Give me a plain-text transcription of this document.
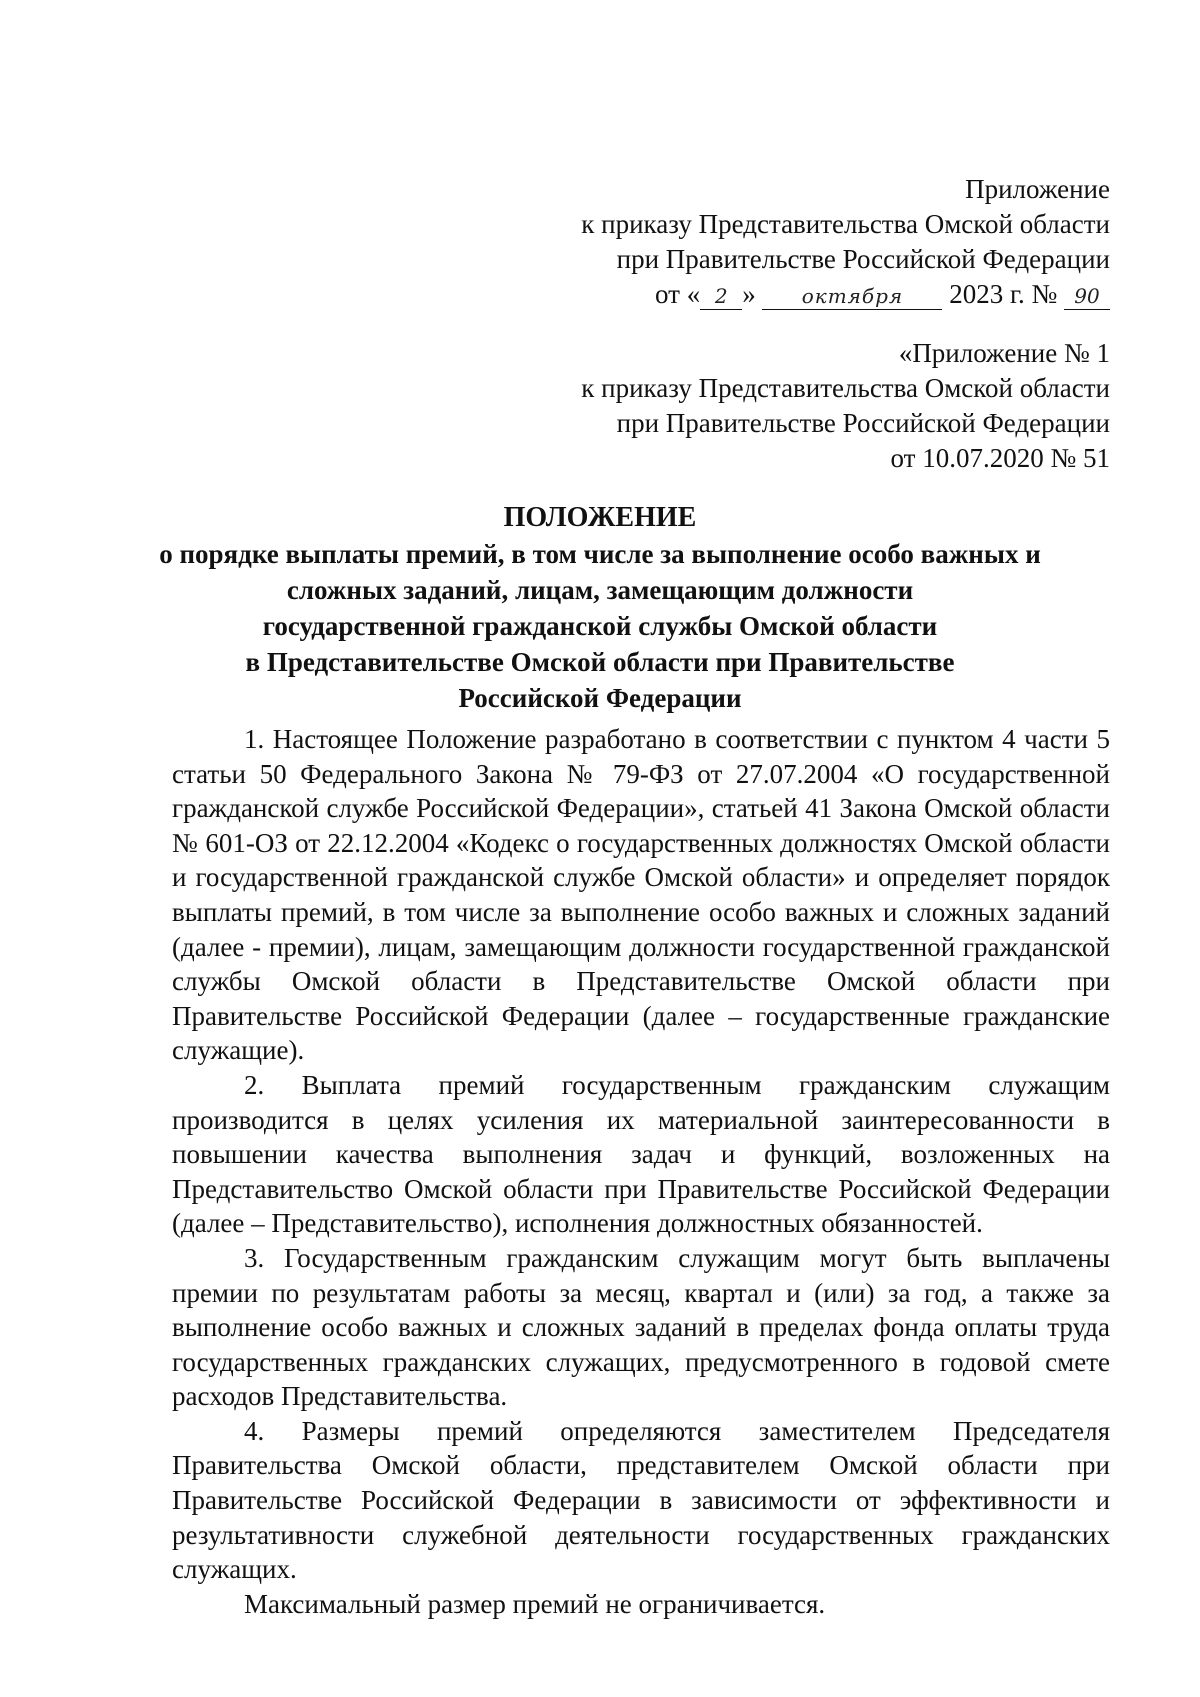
Приложение
к приказу Представительства Омской области
при Правительстве Российской Федерации
от « 2 » октября 2023 г. № 90
«Приложение № 1
к приказу Представительства Омской области
при Правительстве Российской Федерации
от 10.07.2020 № 51
ПОЛОЖЕНИЕ
о порядке выплаты премий, в том числе за выполнение особо важных и
сложных заданий, лицам, замещающим должности
государственной гражданской службы Омской области
в Представительстве Омской области при Правительстве
Российской Федерации

1. Настоящее Положение разработано в соответствии с пунктом 4 части 5 статьи 50 Федерального Закона № 79-ФЗ от 27.07.2004 «О государственной гражданской службе Российской Федерации», статьей 41 Закона Омской области № 601-ОЗ от 22.12.2004 «Кодекс о государственных должностях Омской области и государственной гражданской службе Омской области» и определяет порядок выплаты премий, в том числе за выполнение особо важных и сложных заданий (далее - премии), лицам, замещающим должности государственной гражданской службы Омской области в Представительстве Омской области при Правительстве Российской Федерации (далее – государственные гражданские служащие).

2. Выплата премий государственным гражданским служащим производится в целях усиления их материальной заинтересованности в повышении качества выполнения задач и функций, возложенных на Представительство Омской области при Правительстве Российской Федерации (далее – Представительство), исполнения должностных обязанностей.

3. Государственным гражданским служащим могут быть выплачены премии по результатам работы за месяц, квартал и (или) за год, а также за выполнение особо важных и сложных заданий в пределах фонда оплаты труда государственных гражданских служащих, предусмотренного в годовой смете расходов Представительства.

4. Размеры премий определяются заместителем Председателя Правительства Омской области, представителем Омской области при Правительстве Российской Федерации в зависимости от эффективности и результативности служебной деятельности государственных гражданских служащих.

Максимальный размер премий не ограничивается.
